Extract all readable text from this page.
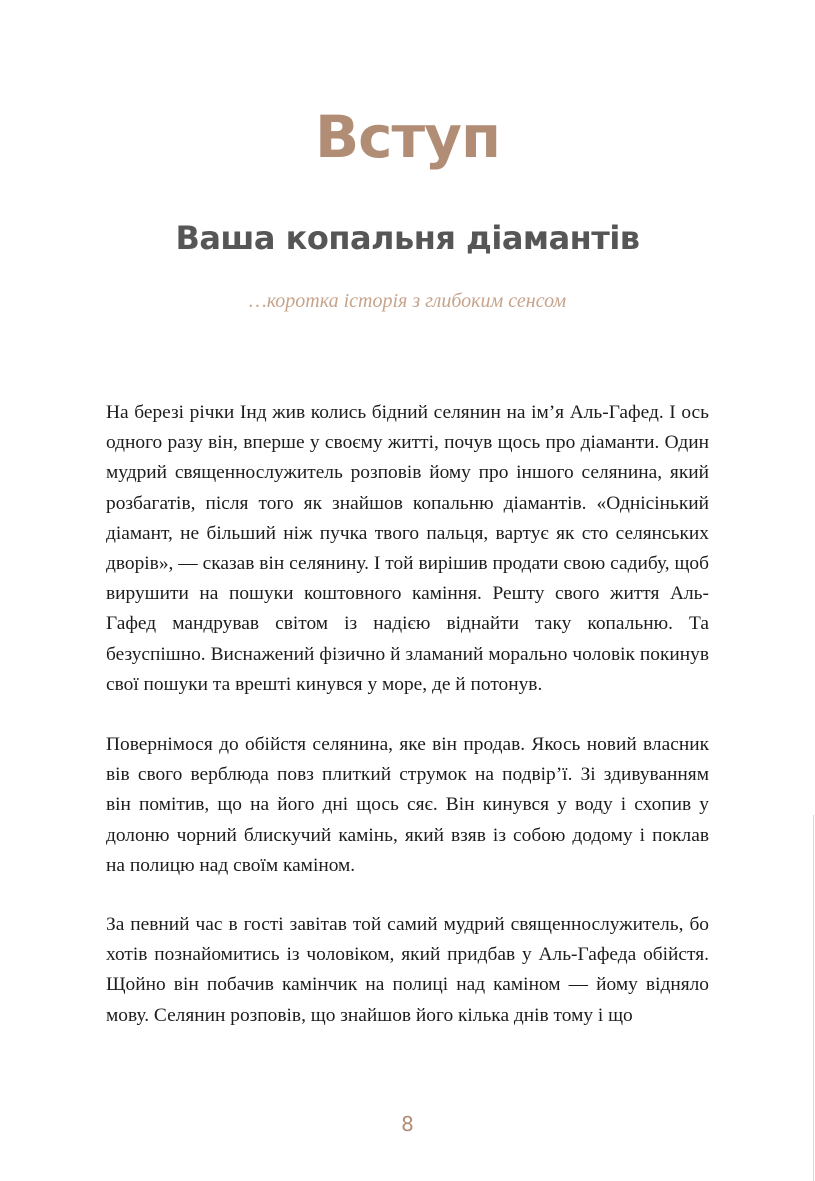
Вступ
Ваша копальня діамантів
…коротка історія з глибоким сенсом

На березі річки Інд жив колись бідний селянин на ім’я Аль-Гафед. І ось одного разу він, вперше у своєму житті, почув щось про діаманти. Один мудрий священнослужитель розповів йому про іншого селянина, який розбагатів, після того як знайшов копальню діамантів. «Однісінький діамант, не більший ніж пучка твого пальця, вартує як сто селянських дворів», — сказав він селянину. І той вирішив продати свою садибу, щоб вирушити на пошуки коштовного каміння. Решту свого життя Аль-Гафед мандрував світом із надією віднайти таку копальню. Та безуспішно. Виснажений фізично й зламаний морально чоловік покинув свої пошуки та врешті кинувся у море, де й потонув.

Повернімося до обійстя селянина, яке він продав. Якось новий власник вів свого верблюда повз плиткий струмок на подвір’ї. Зі здивуванням він помітив, що на його дні щось сяє. Він кинувся у воду і схопив у долоню чорний блискучий камінь, який взяв із собою додому і поклав на полицю над своїм каміном.

За певний час в гості завітав той самий мудрий священнослужитель, бо хотів познайомитись із чоловіком, який придбав у Аль-Гафеда обійстя. Щойно він побачив камінчик на полиці над каміном — йому відняло мову. Селянин розповів, що знайшов його кілька днів тому і що

8
